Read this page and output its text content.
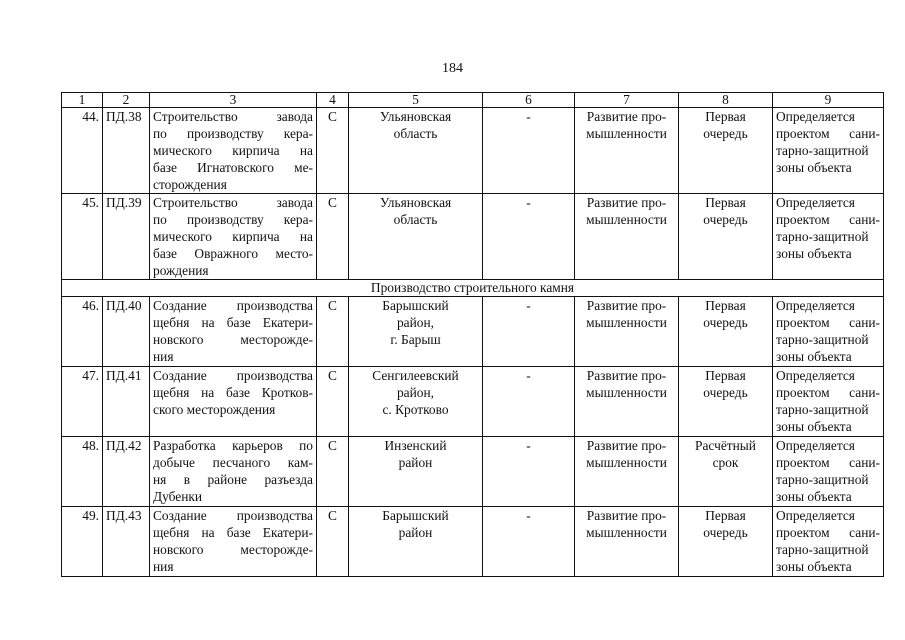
184
1	2	3	4	5	6	7	8	9
44.	ПД.38	Строительство завода
по производству кера-
мического кирпича на
базе Игнатовского ме-
сторождения	С	Ульяновская
область	-	Развитие про-
мышленности	Первая
очередь	Определяется
проектом сани-
тарно-защитной
зоны объекта

45.	ПД.39	Строительство завода
по производству кера-
мического кирпича на
базе Овражного место-
рождения	С	Ульяновская
область	-	Развитие про-
мышленности	Первая
очередь	Определяется
проектом сани-
тарно-защитной
зоны объекта

Производство строительного камня								
46.	ПД.40	Создание производства
щебня на базе Екатери-
новского месторожде-
ния	С	Барышский
район,
г. Барыш	-	Развитие про-
мышленности	Первая
очередь	Определяется
проектом сани-
тарно-защитной
зоны объекта

47.	ПД.41	Создание производства
щебня на базе Кротков-
ского месторождения	С	Сенгилеевский
район,
с. Кротково	-	Развитие про-
мышленности	Первая
очередь	Определяется
проектом сани-
тарно-защитной
зоны объекта

48.	ПД.42	Разработка карьеров по
добыче песчаного кам-
ня в районе разъезда
Дубенки	С	Инзенский
район	-	Развитие про-
мышленности	Расчётный
срок	Определяется
проектом сани-
тарно-защитной
зоны объекта

49.	ПД.43	Создание производства
щебня на базе Екатери-
новского месторожде-
ния	С	Барышский
район	-	Развитие про-
мышленности	Первая
очередь	Определяется
проектом сани-
тарно-защитной
зоны объекта
